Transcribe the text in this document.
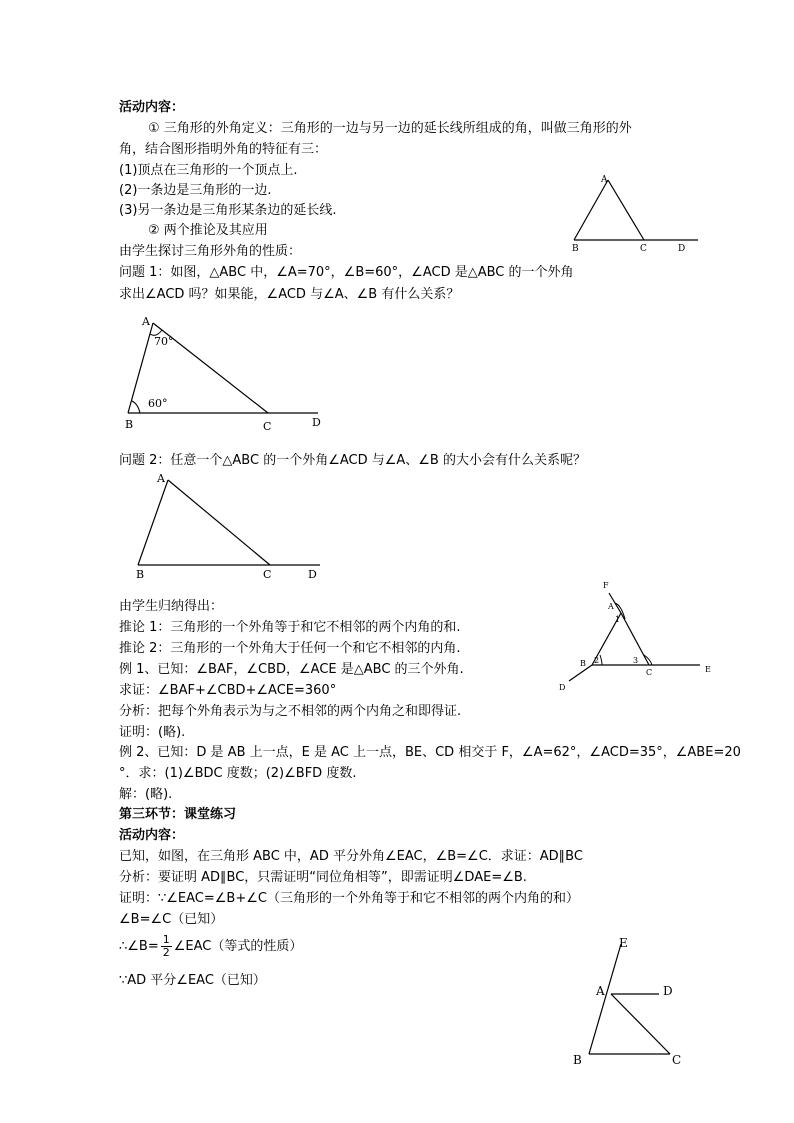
活动内容：
① 三角形的外角定义：三角形的一边与另一边的延长线所组成的角，叫做三角形的外
角，结合图形指明外角的特征有三：
(1)顶点在三角形的一个顶点上.
(2)一条边是三角形的一边.
(3)另一条边是三角形某条边的延长线.
② 两个推论及其应用
由学生探讨三角形外角的性质：
问题 1：如图，△ABC 中，∠A=70°，∠B=60°，∠ACD 是△ABC 的一个外角
求出∠ACD 吗？如果能，∠ACD 与∠A、∠B 有什么关系？
问题 2：任意一个△ABC 的一个外角∠ACD 与∠A、∠B 的大小会有什么关系呢？
由学生归纳得出：
推论 1：三角形的一个外角等于和它不相邻的两个内角的和.
推论 2：三角形的一个外角大于任何一个和它不相邻的内角.
例 1、已知：∠BAF，∠CBD，∠ACE 是△ABC 的三个外角.
求证：∠BAF+∠CBD+∠ACE=360°
分析：把每个外角表示为与之不相邻的两个内角之和即得证.
证明：(略).
例 2、已知：D 是 AB 上一点，E 是 AC 上一点，BE、CD 相交于 F，∠A=62°，∠ACD=35°，∠ABE=20
°．求：(1)∠BDC 度数；(2)∠BFD 度数.
解：(略).
第三环节：课堂练习
活动内容：
已知，如图，在三角形 ABC 中，AD 平分外角∠EAC，∠B=∠C．求证：AD∥BC
分析：要证明 AD∥BC，只需证明“同位角相等”，即需证明∠DAE=∠B.
证明：∵∠EAC=∠B+∠C（三角形的一个外角等于和它不相邻的两个内角的和）
∠B=∠C（已知）
∴∠B= $\frac{1}{2}$ ∠EAC（等式的性质）
∵AD 平分∠EAC（已知）
A
B	C	D
A
70°
60°
B	C	D
A
B	C	D
F
A
1
B 2	3
C	E
D
E
A	D
B	C
